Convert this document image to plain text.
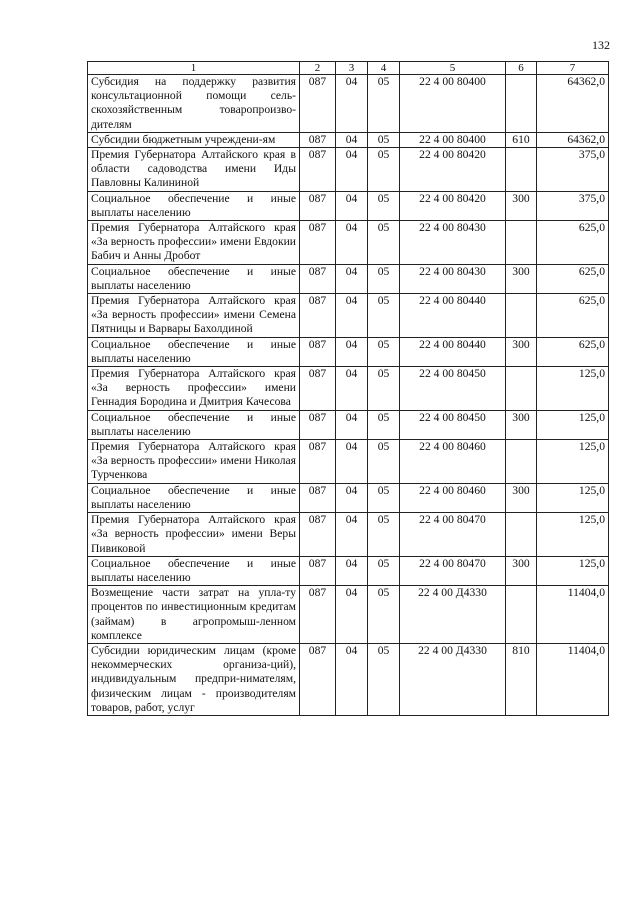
132
1	2	3	4	5	6	7
Субсидия на поддержку развития консультационной помощи сель-скохозяйственным товаропроизво-дителям	087	04	05	22 4 00 80400		64362,0
Субсидии бюджетным учреждени-ям	087	04	05	22 4 00 80400	610	64362,0
Премия Губернатора Алтайского края в области садоводства имени Иды Павловны Калининой	087	04	05	22 4 00 80420		375,0
Социальное обеспечение и иные выплаты населению	087	04	05	22 4 00 80420	300	375,0
Премия Губернатора Алтайского края «За верность профессии» имени Евдокии Бабич и Анны Дробот	087	04	05	22 4 00 80430		625,0
Социальное обеспечение и иные выплаты населению	087	04	05	22 4 00 80430	300	625,0
Премия Губернатора Алтайского края «За верность профессии» имени Семена Пятницы и Варвары Бахолдиной	087	04	05	22 4 00 80440		625,0
Социальное обеспечение и иные выплаты населению	087	04	05	22 4 00 80440	300	625,0
Премия Губернатора Алтайского края «За верность профессии» имени Геннадия Бородина и Дмитрия Качесова	087	04	05	22 4 00 80450		125,0
Социальное обеспечение и иные выплаты населению	087	04	05	22 4 00 80450	300	125,0
Премия Губернатора Алтайского края «За верность профессии» имени Николая Турченкова	087	04	05	22 4 00 80460		125,0
Социальное обеспечение и иные выплаты населению	087	04	05	22 4 00 80460	300	125,0
Премия Губернатора Алтайского края «За верность профессии» имени Веры Пивиковой	087	04	05	22 4 00 80470		125,0
Социальное обеспечение и иные выплаты населению	087	04	05	22 4 00 80470	300	125,0
Возмещение части затрат на упла-ту процентов по инвестиционным кредитам (займам) в агропромыш-ленном комплексе	087	04	05	22 4 00 Д4330		11404,0
Субсидии юридическим лицам (кроме некоммерческих организа-ций), индивидуальным предпри-нимателям, физическим лицам - производителям товаров, работ, услуг	087	04	05	22 4 00 Д4330	810	11404,0
